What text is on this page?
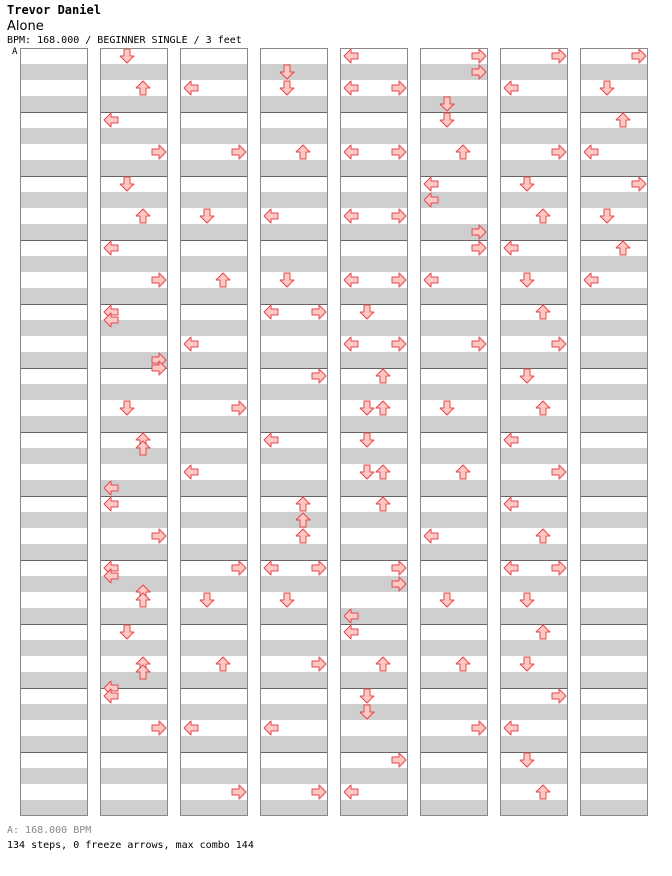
Trevor Daniel
Alone
BPM: 168.000 / BEGINNER SINGLE / 3 feet
A
A: 168.000 BPM
134 steps, 0 freeze arrows, max combo 144
